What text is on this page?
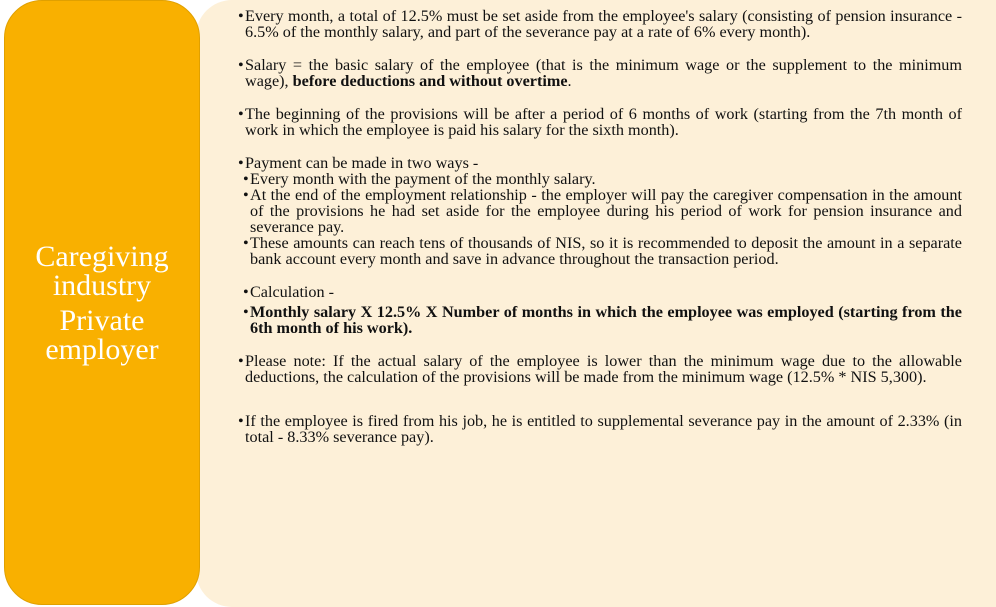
Caregiving

industry

Private

employer

• Every month, a total of 12.5% must be set aside from the employee's salary (consisting of pension insurance - 6.5% of the monthly salary, and part of the severance pay at a rate of 6% every month).
• Salary = the basic salary of the employee (that is the minimum wage or the supplement to the minimum wage), before deductions and without overtime.
• The beginning of the provisions will be after a period of 6 months of work (starting from the 7th month of work in which the employee is paid his salary for the sixth month).
• Payment can be made in two ways -
• Every month with the payment of the monthly salary.
• At the end of the employment relationship - the employer will pay the caregiver compensation in the amount of the provisions he had set aside for the employee during his period of work for pension insurance and severance pay.
• These amounts can reach tens of thousands of NIS, so it is recommended to deposit the amount in a separate bank account every month and save in advance throughout the transaction period.
• Calculation -
• Monthly salary X 12.5% X Number of months in which the employee was employed (starting from the 6th month of his work).
• Please note: If the actual salary of the employee is lower than the minimum wage due to the allowable deductions, the calculation of the provisions will be made from the minimum wage (12.5% * NIS 5,300).
• If the employee is fired from his job, he is entitled to supplemental severance pay in the amount of 2.33% (in total - 8.33% severance pay).
